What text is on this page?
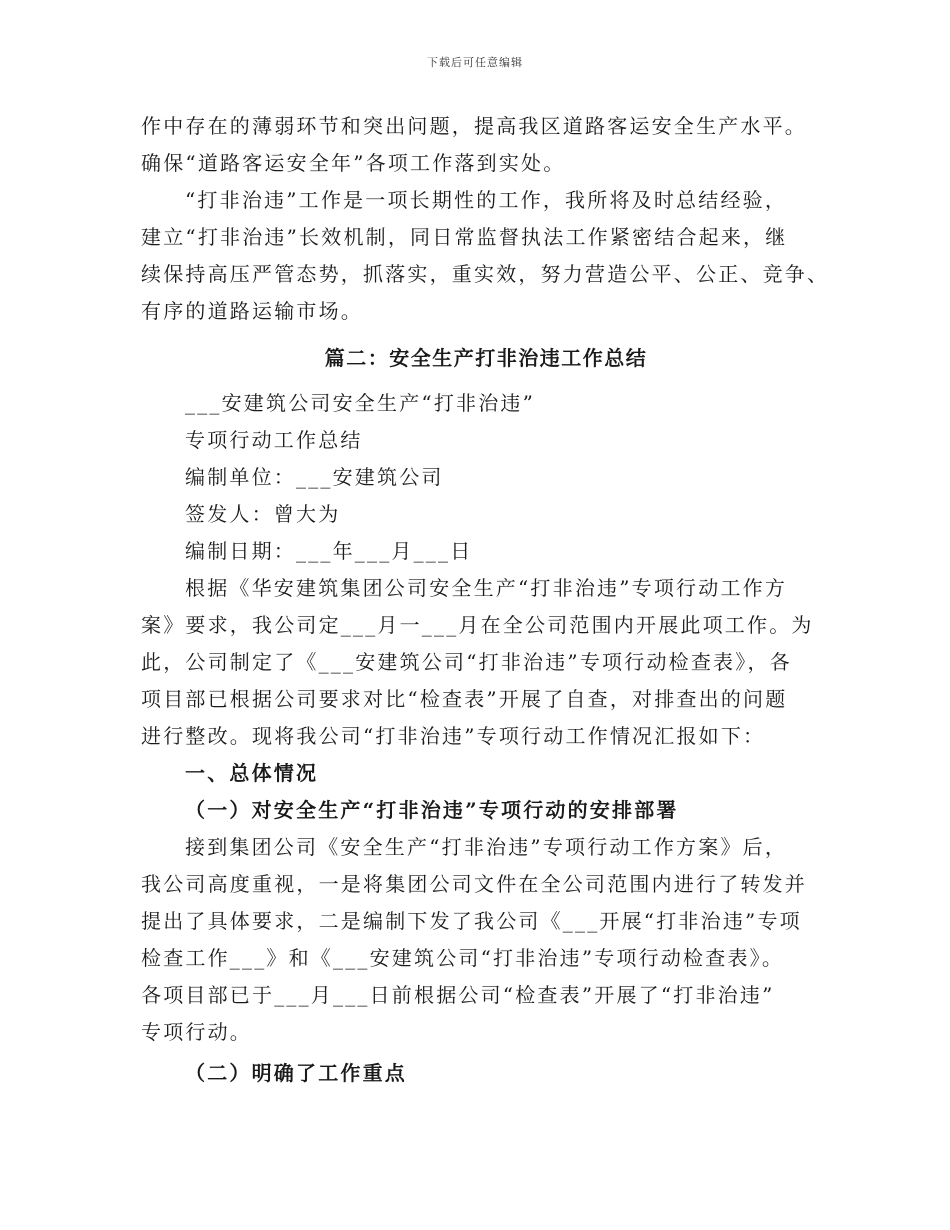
下载后可任意编辑
作中存在的薄弱环节和突出问题，提高我区道路客运安全生产水平。
确保“道路客运安全年”各项工作落到实处。
“打非治违”工作是一项长期性的工作，我所将及时总结经验，
建立“打非治违”长效机制，同日常监督执法工作紧密结合起来，继
续保持高压严管态势，抓落实，重实效，努力营造公平、公正、竞争、
有序的道路运输市场。
篇二：安全生产打非治违工作总结
___安建筑公司安全生产“打非治违”
专项行动工作总结
编制单位：___安建筑公司
签发人：曾大为
编制日期：___年___月___日
根据《华安建筑集团公司安全生产“打非治违”专项行动工作方
案》要求，我公司定___月一___月在全公司范围内开展此项工作。为
此，公司制定了《___安建筑公司“打非治违”专项行动检查表》，各
项目部已根据公司要求对比“检查表”开展了自查，对排查出的问题
进行整改。现将我公司“打非治违”专项行动工作情况汇报如下：
一、总体情况
（一）对安全生产“打非治违”专项行动的安排部署
接到集团公司《安全生产“打非治违”专项行动工作方案》后，
我公司高度重视，一是将集团公司文件在全公司范围内进行了转发并
提出了具体要求，二是编制下发了我公司《___开展“打非治违”专项
检查工作___》和《___安建筑公司“打非治违”专项行动检查表》。
各项目部已于___月___日前根据公司“检查表”开展了“打非治违”
专项行动。
（二）明确了工作重点
